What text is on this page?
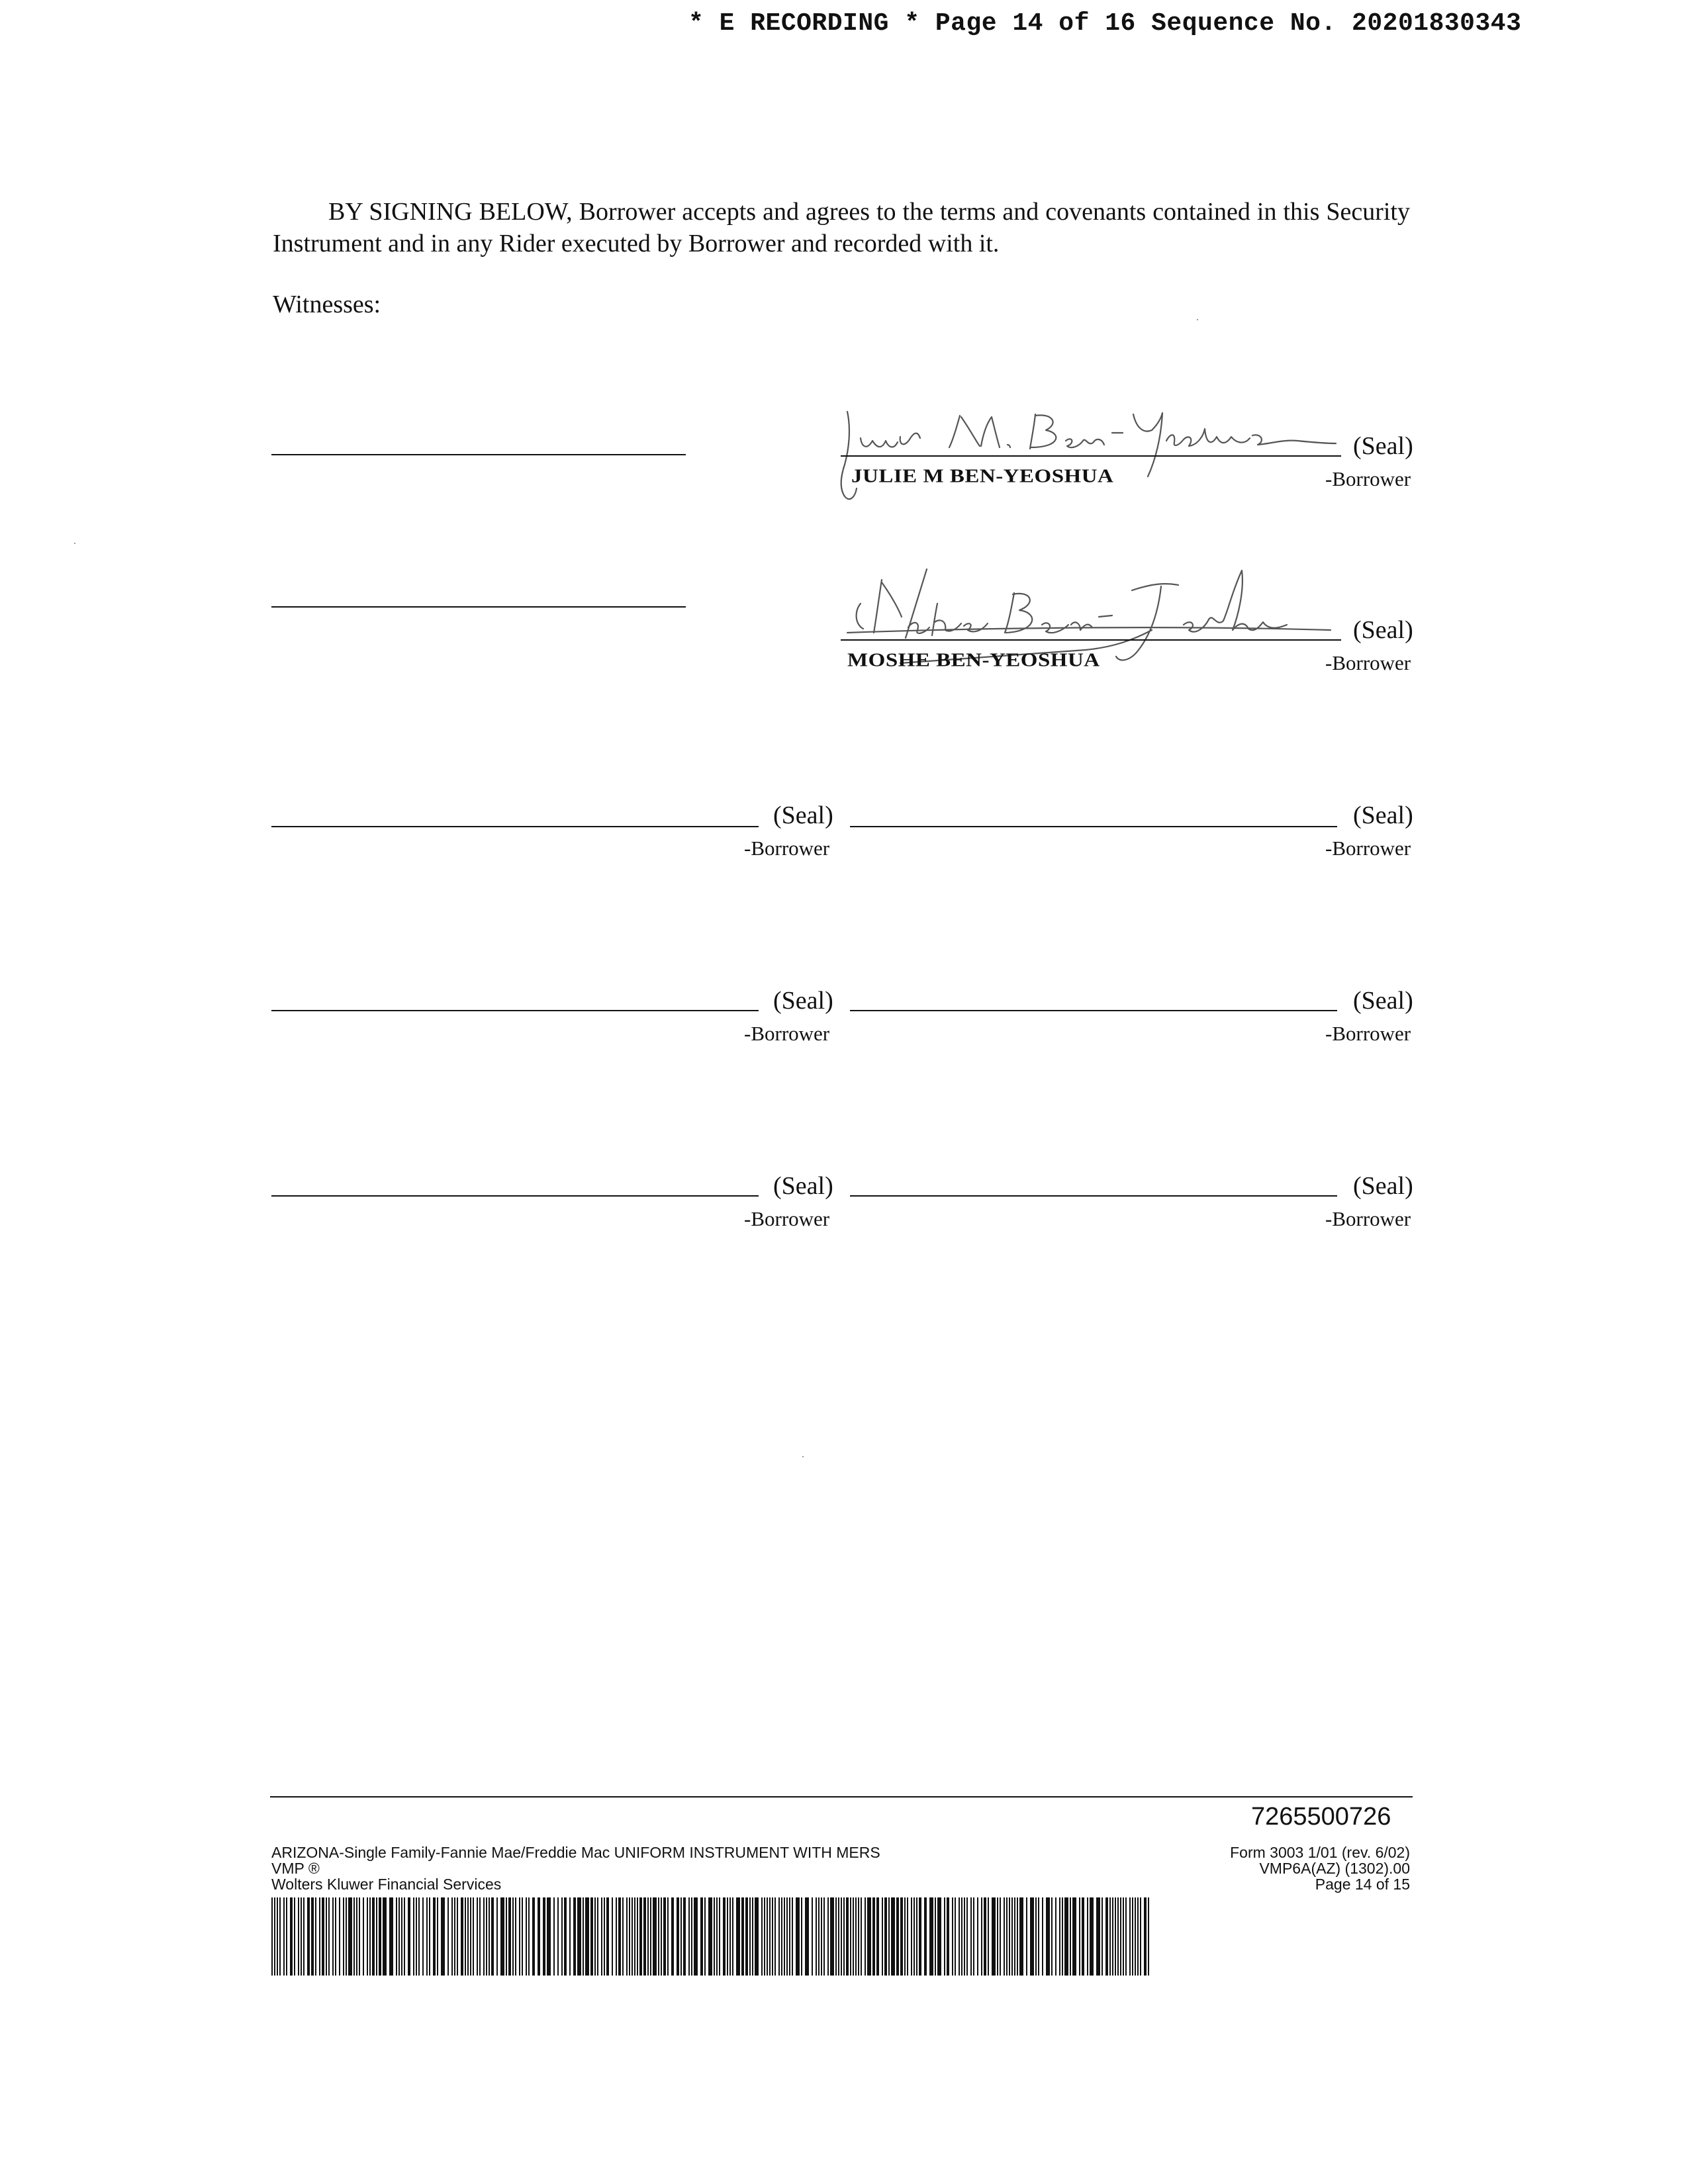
* E RECORDING * Page 14 of 16 Sequence No. 20201830343
BY SIGNING BELOW, Borrower accepts and agrees to the terms and covenants contained in this Security Instrument and in any Rider executed by Borrower and recorded with it.
Witnesses:
(Seal)
JULIE M BEN-YEOSHUA	-Borrower
(Seal)
MOSHE BEN-YEOSHUA	-Borrower
(Seal)
-Borrower
(Seal)
-Borrower
(Seal)
-Borrower
(Seal)
-Borrower
(Seal)
-Borrower
(Seal)
-Borrower
7265500726
ARIZONA-Single Family-Fannie Mae/Freddie Mac UNIFORM INSTRUMENT WITH MERS
VMP ®
Wolters Kluwer Financial Services
Form 3003 1/01 (rev. 6/02)
VMP6A(AZ) (1302).00
Page 14 of 15
